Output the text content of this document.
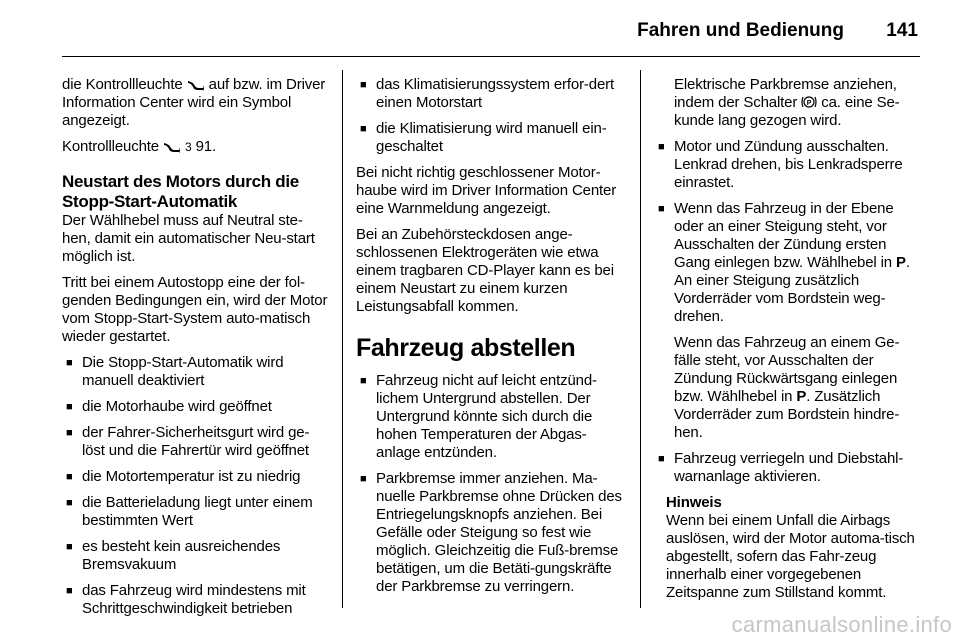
Fahren und Bedienung 141

die Kontrollleuchte auf bzw. im Driver Information Center wird ein Symbol angezeigt.

Kontrollleuchte 3 91.

Neustart des Motors durch die Stopp-Start-Automatik

Der Wählhebel muss auf Neutral ste-hen, damit ein automatischer Neu-start möglich ist.

Tritt bei einem Autostopp eine der fol-genden Bedingungen ein, wird der Motor vom Stopp-Start-System auto-matisch wieder gestartet.

■ Die Stopp-Start-Automatik wird manuell deaktiviert
■ die Motorhaube wird geöffnet
■ der Fahrer-Sicherheitsgurt wird ge-löst und die Fahrertür wird geöffnet
■ die Motortemperatur ist zu niedrig
■ die Batterieladung liegt unter einem bestimmten Wert
■ es besteht kein ausreichendes Bremsvakuum
■ das Fahrzeug wird mindestens mit Schrittgeschwindigkeit betrieben
■ das Klimatisierungssystem erfor-dert einen Motorstart
■ die Klimatisierung wird manuell ein-geschaltet

Bei nicht richtig geschlossener Motor-haube wird im Driver Information Center eine Warnmeldung angezeigt.

Bei an Zubehörsteckdosen ange-schlossenen Elektrogeräten wie etwa einem tragbaren CD-Player kann es bei einem Neustart zu einem kurzen Leistungsabfall kommen.

Fahrzeug abstellen
■ Fahrzeug nicht auf leicht entzünd-lichem Untergrund abstellen. Der Untergrund könnte sich durch die hohen Temperaturen der Abgas-anlage entzünden.
■ Parkbremse immer anziehen. Ma-nuelle Parkbremse ohne Drücken des Entriegelungsknopfs anziehen. Bei Gefälle oder Steigung so fest wie möglich. Gleichzeitig die Fuß-bremse betätigen, um die Betäti-gungskräfte der Parkbremse zu verringern.

Elektrische Parkbremse anziehen, indem der Schalter P ca. eine Se-kunde lang gezogen wird.

■ Motor und Zündung ausschalten. Lenkrad drehen, bis Lenkradsperre einrastet.
■ Wenn das Fahrzeug in der Ebene oder an einer Steigung steht, vor Ausschalten der Zündung ersten Gang einlegen bzw. Wählhebel in P. An einer Steigung zusätzlich Vorderräder vom Bordstein weg-drehen.
Wenn das Fahrzeug an einem Ge-fälle steht, vor Ausschalten der Zündung Rückwärtsgang einlegen bzw. Wählhebel in P. Zusätzlich Vorderräder zum Bordstein hindre-hen.
■ Fahrzeug verriegeln und Diebstahl-warnanlage aktivieren.
Hinweis
Wenn bei einem Unfall die Airbags auslösen, wird der Motor automa-tisch abgestellt, sofern das Fahr-zeug innerhalb einer vorgegebenen Zeitspanne zum Stillstand kommt.
carmanualsonline.info
